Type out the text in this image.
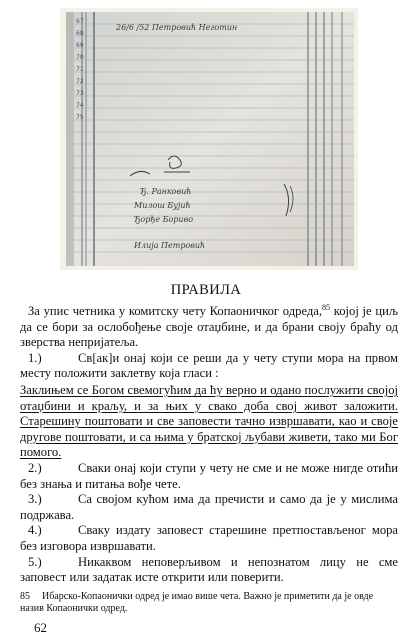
67
68
69
70
71
72
73
74
75
26/6 /52 Петровић Неготин
Ђ. Ранковић
Милош Бујић
Ђорђе Бориво
Илија Петровић
ПРАВИЛА

За упис четника у комитску чету Копаоничког одреда,$^{85}$ којој је циљ да се бори за ослобођење своје отаџбине, и да брани своју браћу од зверства непријатеља.

1.)	Св[ак]и онај који се реши да у чету ступи мора на првом месту положити заклетву која гласи :

Заклињем се Богом свемогућим да ћу верно и одано послужити својој отаџбини и краљу, и за њих у свако доба свој живот заложити. Старешину поштовати и све заповести тачно извршавати, као и своје другове поштовати, и са њима у братској љубави живети, тако ми Бог помого.

2.)	Сваки онај који ступи у чету не сме и не може нигде отићи без знања и питања вође чете.

3.)	Са својом кућом има да пречисти и само да је у мислима подржава.

4.)	Сваку издату заповест старешине претпостављеног мора без изговора извршавати.

5.)	Никаквом неповерљивом и непознатом лицу не сме заповест или задатак исте открити или поверити.

85 Ибарско-Копаонички одред је имао више чета. Важно је приметити да је овде назив Копаонички одред.
62
